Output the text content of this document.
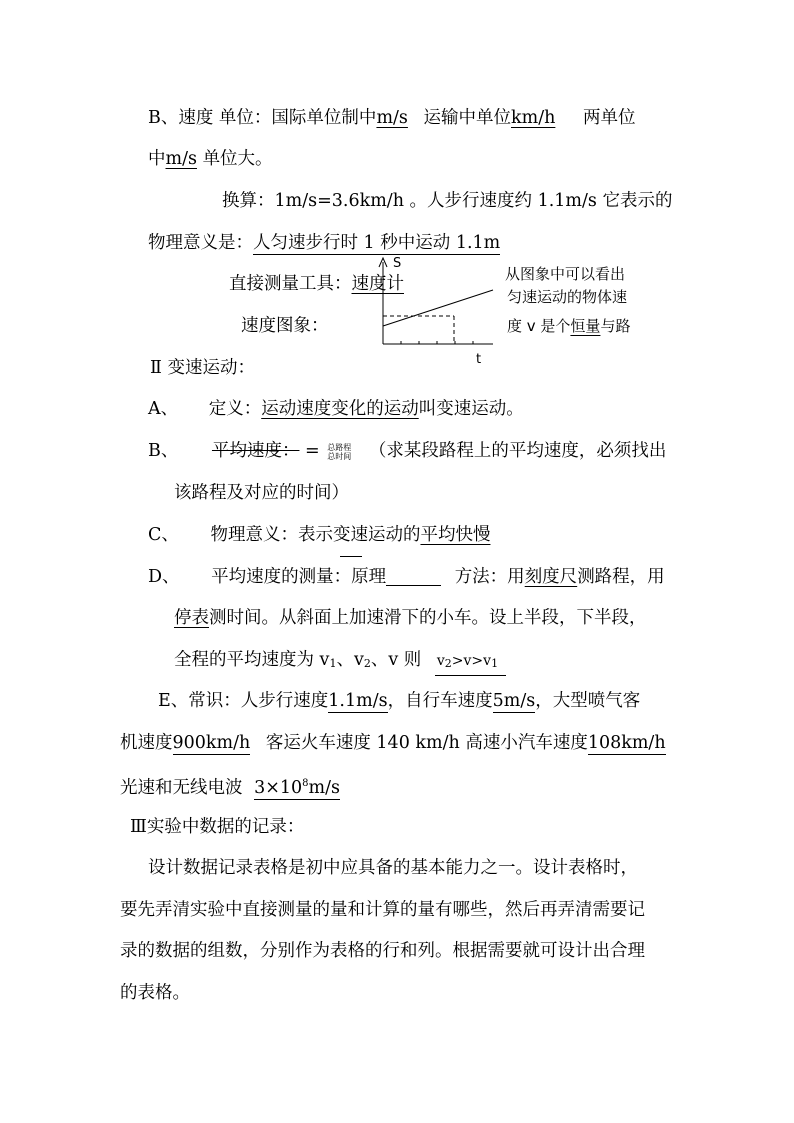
B、速度 单位：国际单位制中m/s 运输中单位km/h 两单位
中m/s 单位大。
换算：1m/s=3.6km/h 。人步行速度约 1.1m/s 它表示的
物理意义是：人匀速步行时 1 秒中运动 1.1m
直接测量工具：速度计
速度图象：
S
t
从图象中可以看出
匀速运动的物体速
度 v 是个恒量与路
Ⅱ 变速运动：
A、 定义：运动速度变化的运动叫变速运动。
B、 平均速度： = 总路程
总时间 （求某段路程上的平均速度，必须找出
该路程及对应的时间）
C、 物理意义：表示变速运动的平均快慢
D、 平均速度的测量：原理	方法：用刻度尺测路程，用
停表测时间。从斜面上加速滑下的小车。设上半段，下半段，
全程的平均速度为 v1、v2、v 则 v2>v>v1
E、常识：人步行速度1.1m/s，自行车速度5m/s，大型喷气客
机速度900km/h 客运火车速度 140 km/h 高速小汽车速度108km/h
光速和无线电波 $3\times 10^8m/s$
Ⅲ实验中数据的记录：
设计数据记录表格是初中应具备的基本能力之一。设计表格时，
要先弄清实验中直接测量的量和计算的量有哪些，然后再弄清需要记
录的数据的组数，分别作为表格的行和列。根据需要就可设计出合理
的表格。
